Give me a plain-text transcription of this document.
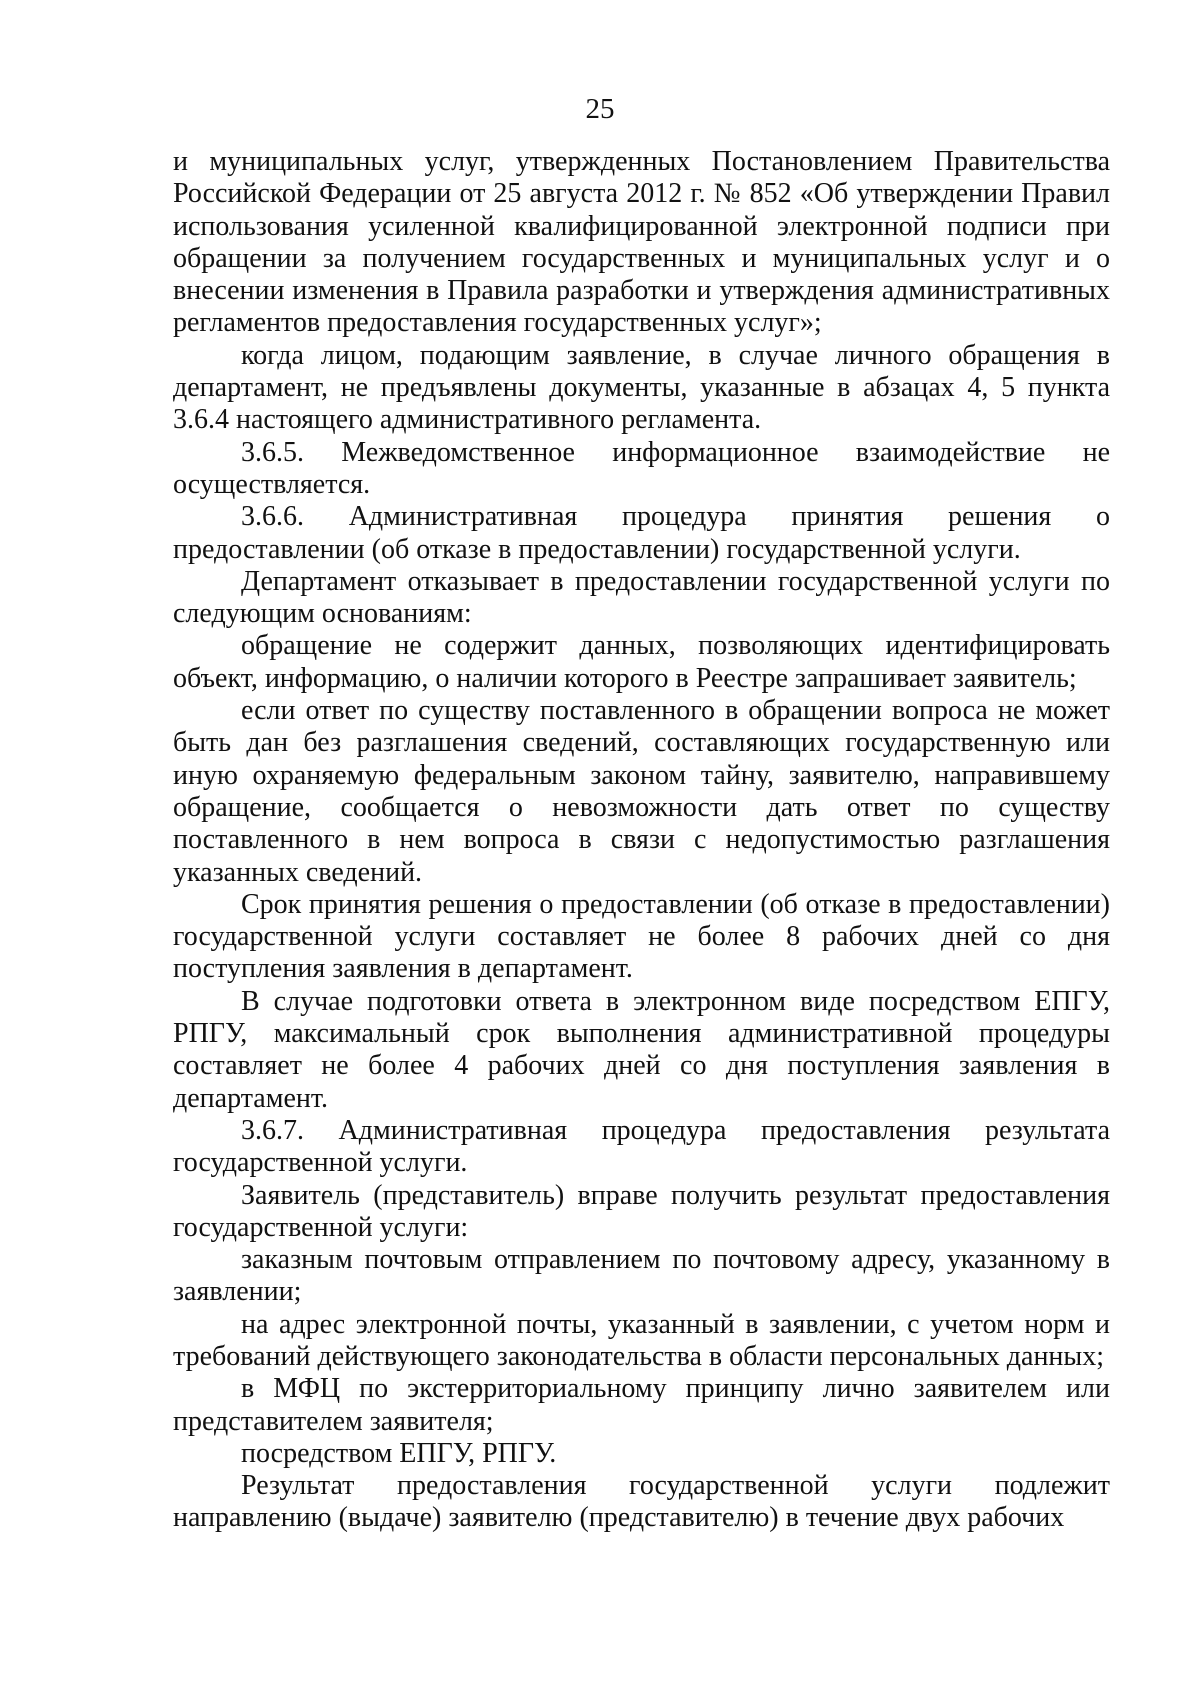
25

и муниципальных услуг, утвержденных Постановлением Правительства Российской Федерации от 25 августа 2012 г. № 852 «Об утверждении Правил использования усиленной квалифицированной электронной подписи при обращении за получением государственных и муниципальных услуг и о внесении изменения в Правила разработки и утверждения административных регламентов предоставления государственных услуг»;

когда лицом, подающим заявление, в случае личного обращения в департамент, не предъявлены документы, указанные в абзацах 4, 5 пункта 3.6.4 настоящего административного регламента.

3.6.5. Межведомственное информационное взаимодействие не осуществляется.

3.6.6. Административная процедура принятия решения о предоставлении (об отказе в предоставлении) государственной услуги.

Департамент отказывает в предоставлении государственной услуги по следующим основаниям:

обращение не содержит данных, позволяющих идентифицировать объект, информацию, о наличии которого в Реестре запрашивает заявитель;

если ответ по существу поставленного в обращении вопроса не может быть дан без разглашения сведений, составляющих государственную или иную охраняемую федеральным законом тайну, заявителю, направившему обращение, сообщается о невозможности дать ответ по существу поставленного в нем вопроса в связи с недопустимостью разглашения указанных сведений.

Срок принятия решения о предоставлении (об отказе в предоставлении) государственной услуги составляет не более 8 рабочих дней со дня поступления заявления в департамент.

В случае подготовки ответа в электронном виде посредством ЕПГУ, РПГУ, максимальный срок выполнения административной процедуры составляет не более 4 рабочих дней со дня поступления заявления в департамент.

3.6.7. Административная процедура предоставления результата государственной услуги.

Заявитель (представитель) вправе получить результат предоставления государственной услуги:

заказным почтовым отправлением по почтовому адресу, указанному в заявлении;

на адрес электронной почты, указанный в заявлении, с учетом норм и требований действующего законодательства в области персональных данных;

в МФЦ по экстерриториальному принципу лично заявителем или представителем заявителя;

посредством ЕПГУ, РПГУ.

Результат предоставления государственной услуги подлежит направлению (выдаче) заявителю (представителю) в течение двух рабочих
